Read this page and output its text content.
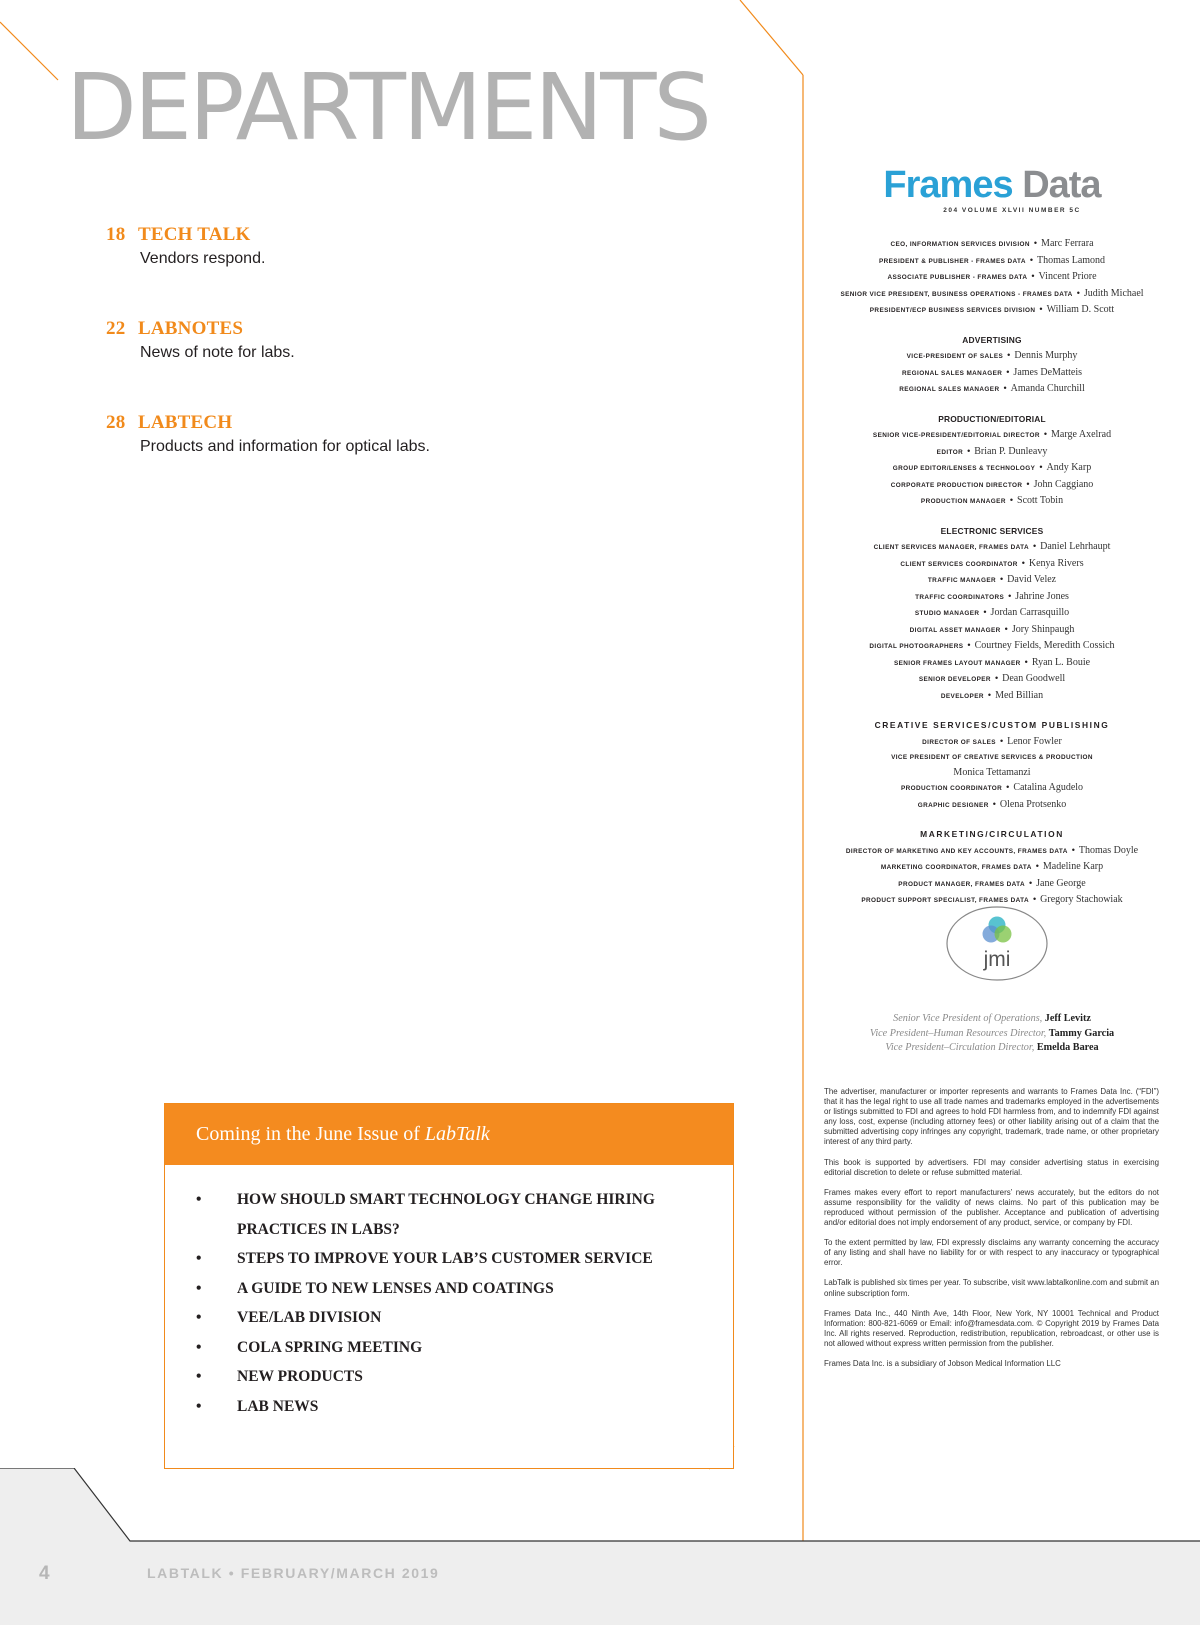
DEPARTMENTS
18 TECH TALK
Vendors respond.
22 LABNOTES
News of note for labs.
28 LABTECH
Products and information for optical labs.
Coming in the June Issue of LabTalk
• HOW SHOULD SMART TECHNOLOGY CHANGE HIRING PRACTICES IN LABS?
• STEPS TO IMPROVE YOUR LAB’S CUSTOMER SERVICE
• A GUIDE TO NEW LENSES AND COATINGS
• VEE/LAB DIVISION
• COLA SPRING MEETING
• NEW PRODUCTS
• LAB NEWS
Frames Data
204 VOLUME XLVII NUMBER 5C
CEO, INFORMATION SERVICES DIVISION • Marc Ferrara
PRESIDENT & PUBLISHER - FRAMES DATA • Thomas Lamond
ASSOCIATE PUBLISHER - FRAMES DATA • Vincent Priore
SENIOR VICE PRESIDENT, BUSINESS OPERATIONS - FRAMES DATA • Judith Michael
PRESIDENT/ECP BUSINESS SERVICES DIVISION • William D. Scott
ADVERTISING
VICE-PRESIDENT OF SALES • Dennis Murphy
REGIONAL SALES MANAGER • James DeMatteis
REGIONAL SALES MANAGER • Amanda Churchill
PRODUCTION/EDITORIAL
SENIOR VICE-PRESIDENT/EDITORIAL DIRECTOR • Marge Axelrad
EDITOR • Brian P. Dunleavy
GROUP EDITOR/LENSES & TECHNOLOGY • Andy Karp
CORPORATE PRODUCTION DIRECTOR • John Caggiano
PRODUCTION MANAGER • Scott Tobin
ELECTRONIC SERVICES
CLIENT SERVICES MANAGER, FRAMES DATA • Daniel Lehrhaupt
CLIENT SERVICES COORDINATOR • Kenya Rivers
TRAFFIC MANAGER • David Velez
TRAFFIC COORDINATORS • Jahrine Jones
STUDIO MANAGER • Jordan Carrasquillo
DIGITAL ASSET MANAGER • Jory Shinpaugh
DIGITAL PHOTOGRAPHERS • Courtney Fields, Meredith Cossich
SENIOR FRAMES LAYOUT MANAGER • Ryan L. Bouie
SENIOR DEVELOPER • Dean Goodwell
DEVELOPER • Med Billian
CREATIVE SERVICES/CUSTOM PUBLISHING
DIRECTOR OF SALES • Lenor Fowler
VICE PRESIDENT OF CREATIVE SERVICES & PRODUCTION
Monica Tettamanzi
PRODUCTION COORDINATOR • Catalina Agudelo
GRAPHIC DESIGNER • Olena Protsenko
MARKETING/CIRCULATION
DIRECTOR OF MARKETING AND KEY ACCOUNTS, FRAMES DATA • Thomas Doyle
MARKETING COORDINATOR, FRAMES DATA • Madeline Karp
PRODUCT MANAGER, FRAMES DATA • Jane George
PRODUCT SUPPORT SPECIALIST, FRAMES DATA • Gregory Stachowiak
jmi
Senior Vice President of Operations, Jeff Levitz
Vice President–Human Resources Director, Tammy Garcia
Vice President–Circulation Director, Emelda Barea

The advertiser, manufacturer or importer represents and warrants to Frames Data Inc. (“FDI”) that it has the legal right to use all trade names and trademarks employed in the advertisements or listings submitted to FDI and agrees to hold FDI harmless from, and to indemnify FDI against any loss, cost, expense (including attorney fees) or other liability arising out of a claim that the submitted advertising copy infringes any copyright, trademark, trade name, or other proprietary interest of any third party.

This book is supported by advertisers. FDI may consider advertising status in exercising editorial discretion to delete or refuse submitted material.

Frames makes every effort to report manufacturers’ news accurately, but the editors do not assume responsibility for the validity of news claims. No part of this publication may be reproduced without permission of the publisher. Acceptance and publication of advertising and/or editorial does not imply endorsement of any product, service, or company by FDI.

To the extent permitted by law, FDI expressly disclaims any warranty concerning the accuracy of any listing and shall have no liability for or with respect to any inaccuracy or typographical error.

LabTalk is published six times per year. To subscribe, visit www.labtalkonline.com and submit an online subscription form.

Frames Data Inc., 440 Ninth Ave, 14th Floor, New York, NY 10001 Technical and Product Information: 800-821-6069 or Email: info@framesdata.com. © Copyright 2019 by Frames Data Inc. All rights reserved. Reproduction, redistribution, republication, rebroadcast, or other use is not allowed without express written permission from the publisher.

Frames Data Inc. is a subsidiary of Jobson Medical Information LLC

4	LABTALK • FEBRUARY/MARCH 2019
